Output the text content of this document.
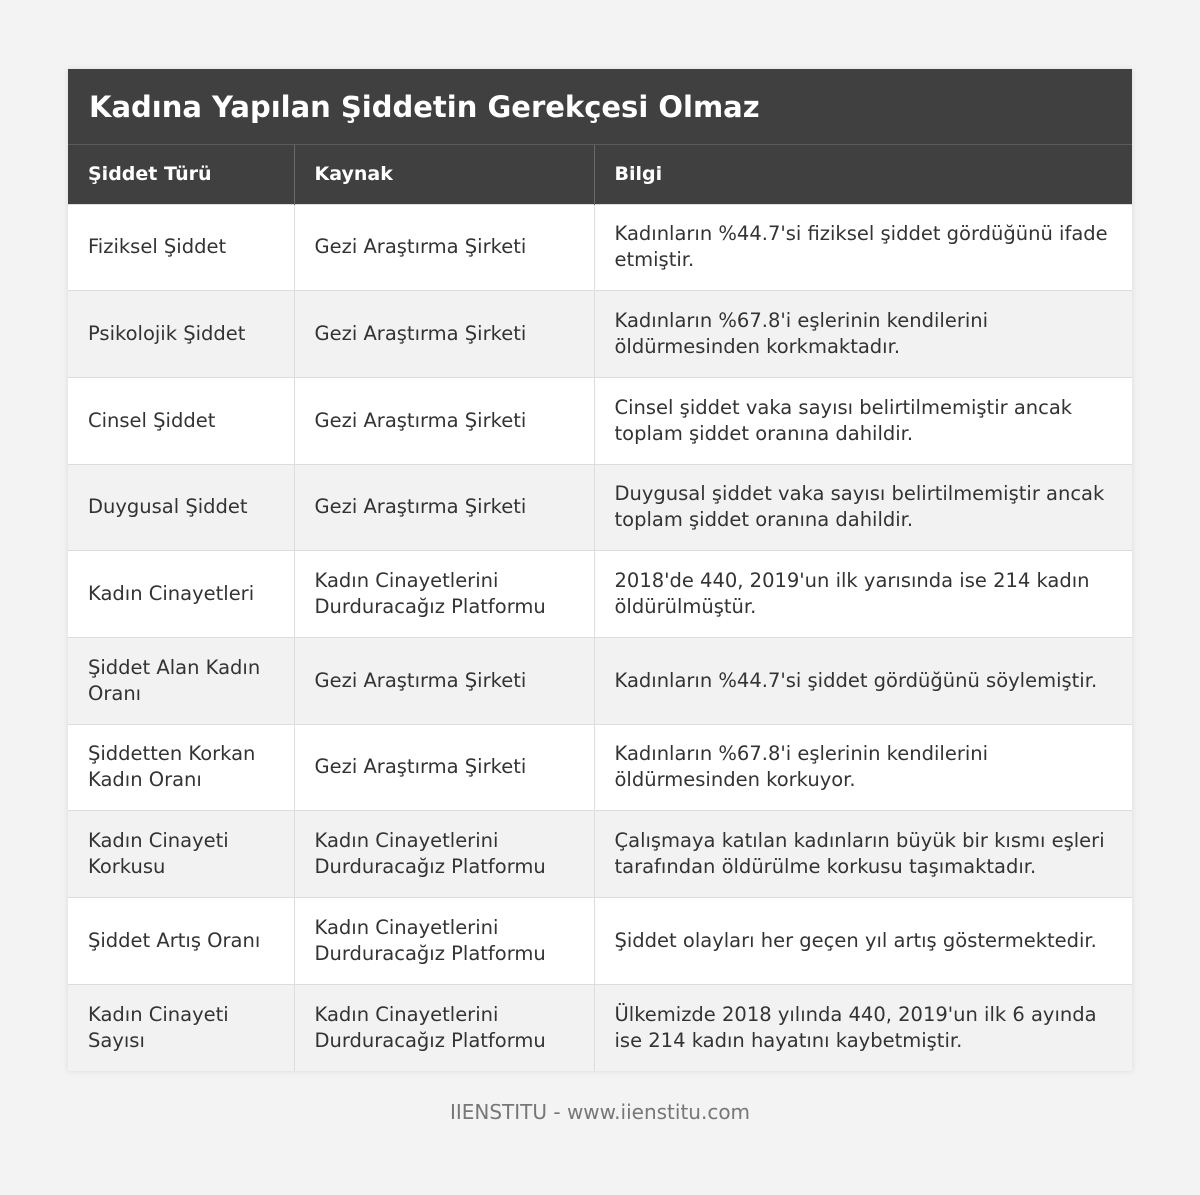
Kadına Yapılan Şiddetin Gerekçesi Olmaz
Şiddet Türü	Kaynak	Bilgi
Fiziksel Şiddet	Gezi Araştırma Şirketi	Kadınların %44.7'si fiziksel şiddet gördüğünü ifade etmiştir.
Psikolojik Şiddet	Gezi Araştırma Şirketi	Kadınların %67.8'i eşlerinin kendilerini öldürmesinden korkmaktadır.
Cinsel Şiddet	Gezi Araştırma Şirketi	Cinsel şiddet vaka sayısı belirtilmemiştir ancak toplam şiddet oranına dahildir.
Duygusal Şiddet	Gezi Araştırma Şirketi	Duygusal şiddet vaka sayısı belirtilmemiştir ancak toplam şiddet oranına dahildir.
Kadın Cinayetleri	Kadın Cinayetlerini Durduracağız Platformu	2018'de 440, 2019'un ilk yarısında ise 214 kadın öldürülmüştür.
Şiddet Alan Kadın Oranı	Gezi Araştırma Şirketi	Kadınların %44.7'si şiddet gördüğünü söylemiştir.
Şiddetten Korkan Kadın Oranı	Gezi Araştırma Şirketi	Kadınların %67.8'i eşlerinin kendilerini öldürmesinden korkuyor.
Kadın Cinayeti Korkusu	Kadın Cinayetlerini Durduracağız Platformu	Çalışmaya katılan kadınların büyük bir kısmı eşleri tarafından öldürülme korkusu taşımaktadır.
Şiddet Artış Oranı	Kadın Cinayetlerini Durduracağız Platformu	Şiddet olayları her geçen yıl artış göstermektedir.
Kadın Cinayeti Sayısı	Kadın Cinayetlerini Durduracağız Platformu	Ülkemizde 2018 yılında 440, 2019'un ilk 6 ayında ise 214 kadın hayatını kaybetmiştir.
IIENSTITU - www.iienstitu.com
